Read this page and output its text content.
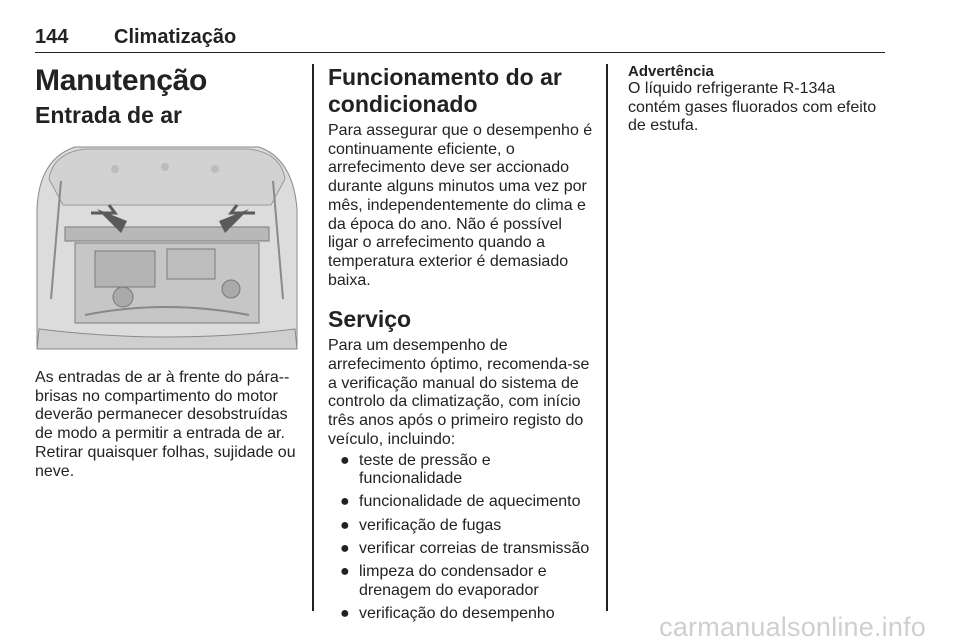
144 Climatização
Manutenção
Entrada de ar

As entradas de ar à frente do pára--brisas no compartimento do motor deverão permanecer desobstruídas de modo a permitir a entrada de ar. Retirar quaisquer folhas, sujidade ou neve.

Funcionamento do ar condicionado

Para assegurar que o desempenho é continuamente eficiente, o arrefecimento deve ser accionado durante alguns minutos uma vez por mês, independentemente do clima e da época do ano. Não é possível ligar o arrefecimento quando a temperatura exterior é demasiado baixa.

Serviço

Para um desempenho de arrefecimento óptimo, recomenda-se a verificação manual do sistema de controlo da climatização, com início três anos após o primeiro registo do veículo, incluindo:

● teste de pressão e funcionalidade
● funcionalidade de aquecimento
● verificação de fugas
● verificar correias de transmissão
● limpeza do condensador e drenagem do evaporador
● verificação do desempenho
Advertência

O líquido refrigerante R-134a contém gases fluorados com efeito de estufa.

carmanualsonline.info
